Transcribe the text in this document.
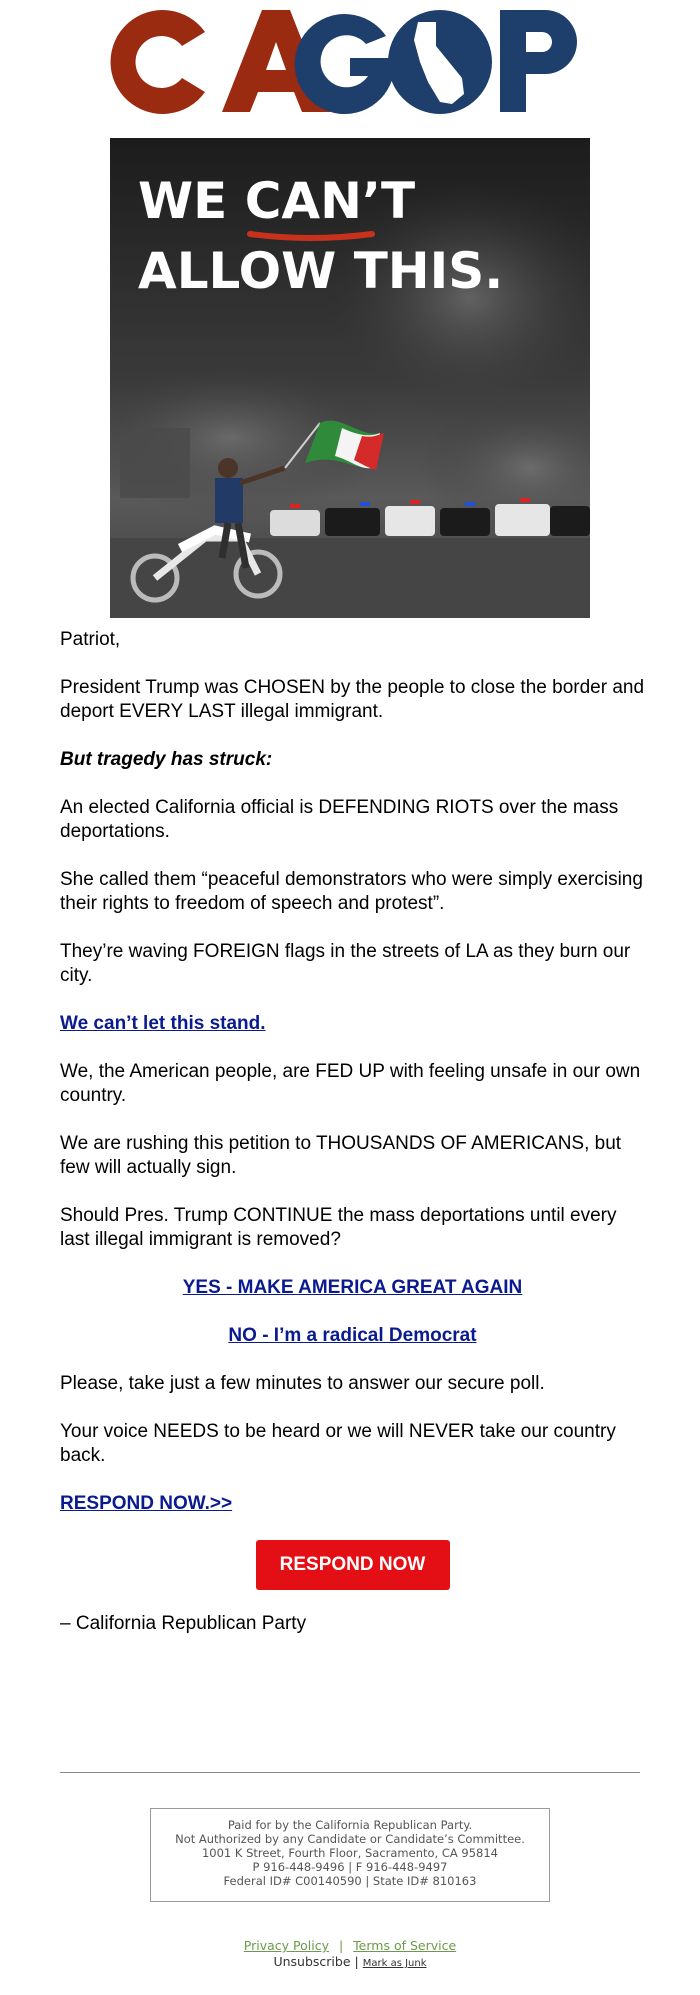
WE CAN’T
ALLOW THIS.

Patriot,

President Trump was CHOSEN by the people to close the border and deport EVERY LAST illegal immigrant.

But tragedy has struck:

An elected California official is DEFENDING RIOTS over the mass deportations.

She called them “peaceful demonstrators who were simply exercising their rights to freedom of speech and protest”.

They’re waving FOREIGN flags in the streets of LA as they burn our city.

We can’t let this stand.

We, the American people, are FED UP with feeling unsafe in our own country.

We are rushing this petition to THOUSANDS OF AMERICANS, but few will actually sign.

Should Pres. Trump CONTINUE the mass deportations until every last illegal immigrant is removed?

YES - MAKE AMERICA GREAT AGAIN

NO - I’m a radical Democrat

Please, take just a few minutes to answer our secure poll.

Your voice NEEDS to be heard or we will NEVER take our country back.

RESPOND NOW.>>

RESPOND NOW

– California Republican Party

Paid for by the California Republican Party.
Not Authorized by any Candidate or Candidate’s Committee.
1001 K Street, Fourth Floor, Sacramento, CA 95814
P 916-448-9496 | F 916-448-9497
Federal ID# C00140590 | State ID# 810163
Privacy Policy | Terms of Service
Unsubscribe | Mark as Junk
